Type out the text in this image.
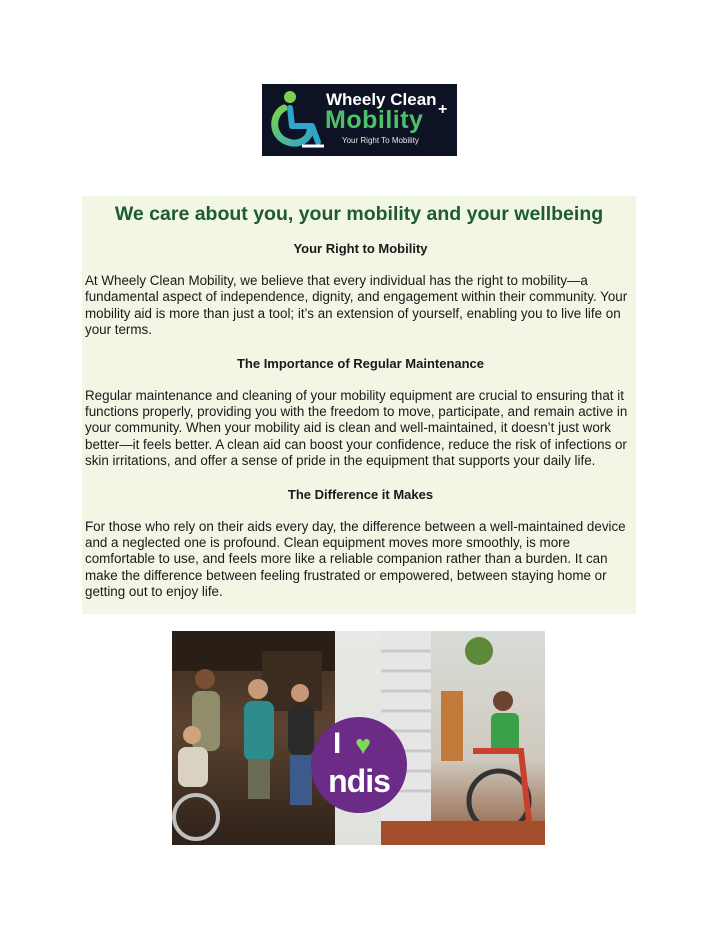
Wheely Clean
Mobility +
Your Right To Mobility
We care about you, your mobility and your wellbeing
Your Right to Mobility

At Wheely Clean Mobility, we believe that every individual has the right to mobility—a fundamental aspect of independence, dignity, and engagement within their community. Your mobility aid is more than just a tool; it’s an extension of yourself, enabling you to live life on your terms.

The Importance of Regular Maintenance

Regular maintenance and cleaning of your mobility equipment are crucial to ensuring that it functions properly, providing you with the freedom to move, participate, and remain active in your community. When your mobility aid is clean and well-maintained, it doesn’t just work better—it feels better. A clean aid can boost your confidence, reduce the risk of infections or skin irritations, and offer a sense of pride in the equipment that supports your daily life.

The Difference it Makes

For those who rely on their aids every day, the difference between a well-maintained device and a neglected one is profound. Clean equipment moves more smoothly, is more comfortable to use, and feels more like a reliable companion rather than a burden. It can make the difference between feeling frustrated or empowered, between staying home or getting out to enjoy life.

I ♥
ndis
